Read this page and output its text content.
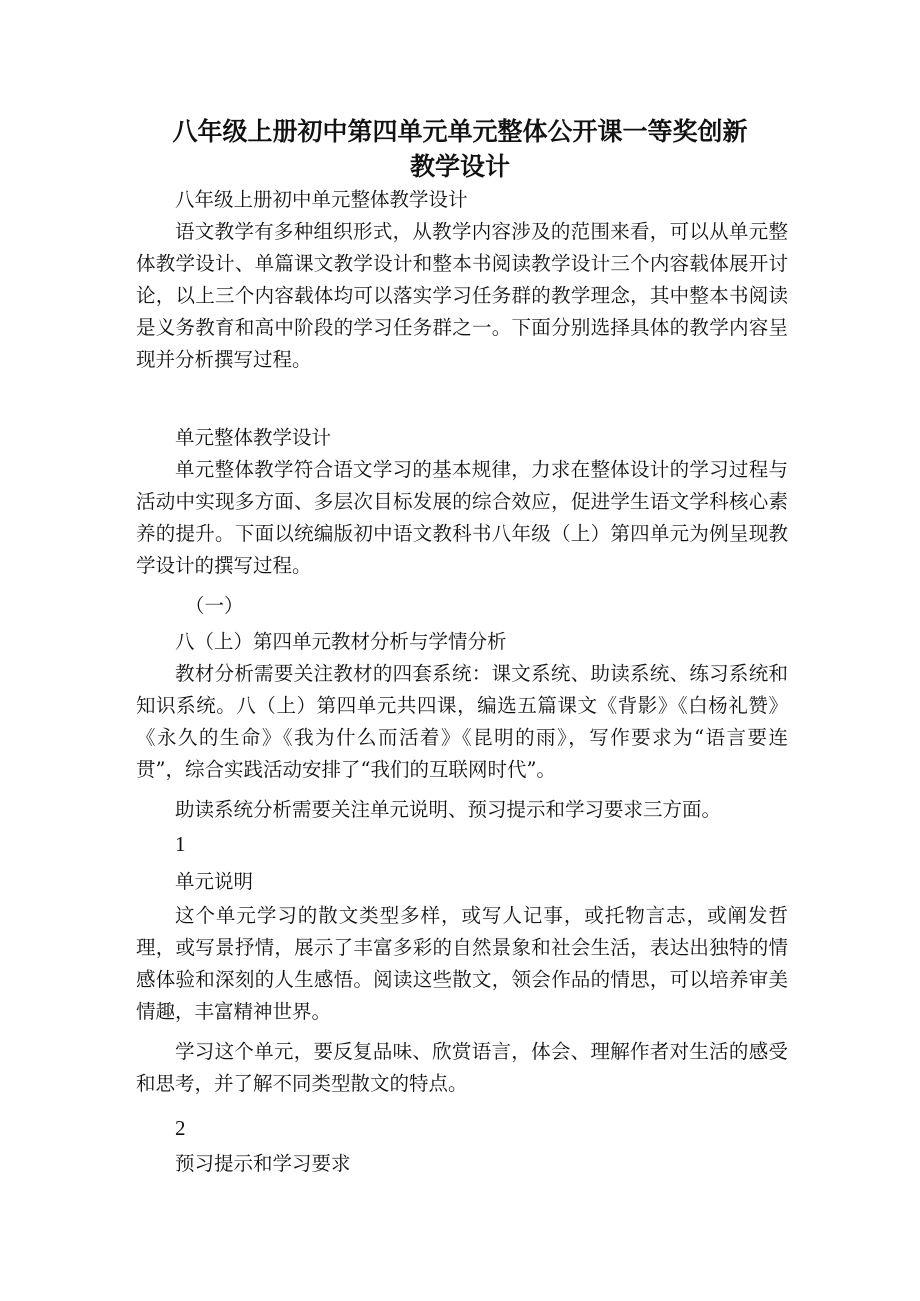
八年级上册初中第四单元单元整体公开课一等奖创新
教学设计
八年级上册初中单元整体教学设计
语文教学有多种组织形式，从教学内容涉及的范围来看，可以从单元整体教学设计、单篇课文教学设计和整本书阅读教学设计三个内容载体展开讨论，以上三个内容载体均可以落实学习任务群的教学理念，其中整本书阅读是义务教育和高中阶段的学习任务群之一。下面分别选择具体的教学内容呈现并分析撰写过程。
单元整体教学设计
单元整体教学符合语文学习的基本规律，力求在整体设计的学习过程与活动中实现多方面、多层次目标发展的综合效应，促进学生语文学科核心素养的提升。下面以统编版初中语文教科书八年级（上）第四单元为例呈现教学设计的撰写过程。
（一）
八（上）第四单元教材分析与学情分析
教材分析需要关注教材的四套系统：课文系统、助读系统、练习系统和知识系统。八（上）第四单元共四课，编选五篇课文《背影》《白杨礼赞》《永久的生命》《我为什么而活着》《昆明的雨》，写作要求为“语言要连贯”，综合实践活动安排了“我们的互联网时代”。
助读系统分析需要关注单元说明、预习提示和学习要求三方面。
1
单元说明
这个单元学习的散文类型多样，或写人记事，或托物言志，或阐发哲理，或写景抒情，展示了丰富多彩的自然景象和社会生活，表达出独特的情感体验和深刻的人生感悟。阅读这些散文，领会作品的情思，可以培养审美情趣，丰富精神世界。
学习这个单元，要反复品味、欣赏语言，体会、理解作者对生活的感受和思考，并了解不同类型散文的特点。
2
预习提示和学习要求
